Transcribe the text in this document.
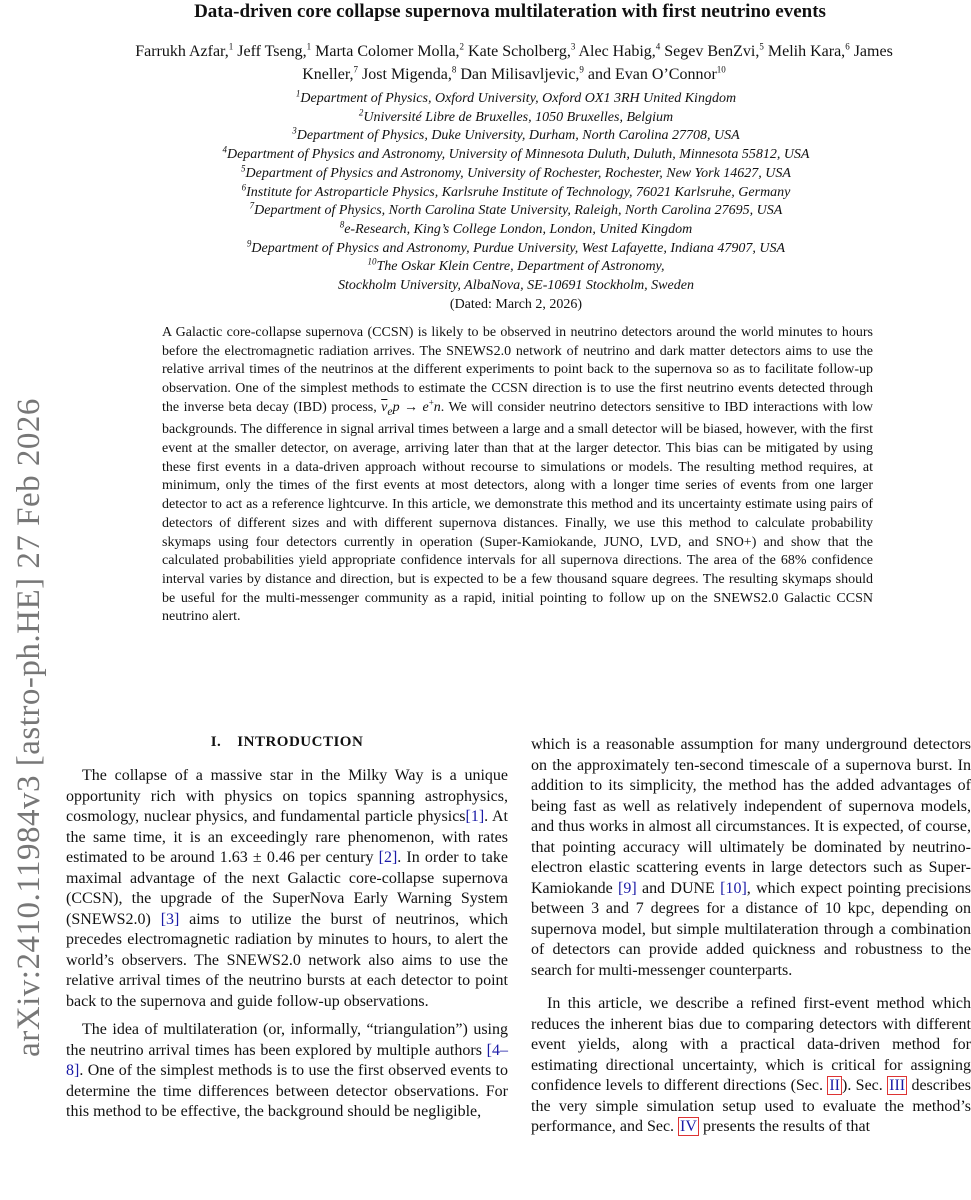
arXiv:2410.11984v3 [astro-ph.HE] 27 Feb 2026
Data-driven core collapse supernova multilateration with first neutrino events
Farrukh Azfar,$^1$ Jeff Tseng,$^1$ Marta Colomer Molla,$^2$ Kate Scholberg,$^3$ Alec Habig,$^4$ Segev BenZvi,$^5$ Melih Kara,$^6$ James Kneller,$^7$ Jost Migenda,$^8$ Dan Milisavljevic,$^9$ and Evan O’Connor$^{10}$
$^1$Department of Physics, Oxford University, Oxford OX1 3RH United Kingdom
$^2$Université Libre de Bruxelles, 1050 Bruxelles, Belgium
$^3$Department of Physics, Duke University, Durham, North Carolina 27708, USA
$^4$Department of Physics and Astronomy, University of Minnesota Duluth, Duluth, Minnesota 55812, USA
$^5$Department of Physics and Astronomy, University of Rochester, Rochester, New York 14627, USA
$^6$Institute for Astroparticle Physics, Karlsruhe Institute of Technology, 76021 Karlsruhe, Germany
$^7$Department of Physics, North Carolina State University, Raleigh, North Carolina 27695, USA
$^8$e-Research, King’s College London, London, United Kingdom
$^9$Department of Physics and Astronomy, Purdue University, West Lafayette, Indiana 47907, USA
$^{10}$The Oskar Klein Centre, Department of Astronomy,
Stockholm University, AlbaNova, SE-10691 Stockholm, Sweden
(Dated: March 2, 2026)

A Galactic core-collapse supernova (CCSN) is likely to be observed in neutrino detectors around the world minutes to hours before the electromagnetic radiation arrives. The SNEWS2.0 network of neutrino and dark matter detectors aims to use the relative arrival times of the neutrinos at the different experiments to point back to the supernova so as to facilitate follow-up observation. One of the simplest methods to estimate the CCSN direction is to use the first neutrino events detected through the inverse beta decay (IBD) process, $\overline{\nu}_ep \to e^+n$. We will consider neutrino detectors sensitive to IBD interactions with low backgrounds. The difference in signal arrival times between a large and a small detector will be biased, however, with the first event at the smaller detector, on average, arriving later than that at the larger detector. This bias can be mitigated by using these first events in a data-driven approach without recourse to simulations or models. The resulting method requires, at minimum, only the times of the first events at most detectors, along with a longer time series of events from one larger detector to act as a reference lightcurve. In this article, we demonstrate this method and its uncertainty estimate using pairs of detectors of different sizes and with different supernova distances. Finally, we use this method to calculate probability skymaps using four detectors currently in operation (Super-Kamiokande, JUNO, LVD, and SNO+) and show that the calculated probabilities yield appropriate confidence intervals for all supernova directions. The area of the 68% confidence interval varies by distance and direction, but is expected to be a few thousand square degrees. The resulting skymaps should be useful for the multi-messenger community as a rapid, initial pointing to follow up on the SNEWS2.0 Galactic CCSN neutrino alert.

I. INTRODUCTION

The collapse of a massive star in the Milky Way is a unique opportunity rich with physics on topics spanning astrophysics, cosmology, nuclear physics, and fundamental particle physics [ 1 ] . At the same time, it is an exceedingly rare phenomenon, with rates estimated to be around 1.63 ± 0.46 per century [ 2 ] . In order to take maximal advantage of the next Galactic core-collapse supernova (CCSN), the upgrade of the SuperNova Early Warning System (SNEWS2.0) [ 3 ] aims to utilize the burst of neutrinos, which precedes electromagnetic radiation by minutes to hours, to alert the world’s observers. The SNEWS2.0 network also aims to use the relative arrival times of the neutrino bursts at each detector to point back to the supernova and guide follow-up observations.

The idea of multilateration (or, informally, “triangulation”) using the neutrino arrival times has been explored by multiple authors [ 4–8 ] . One of the simplest methods is to use the first observed events to determine the time differences between detector observations. For this method to be effective, the background should be negligible,

which is a reasonable assumption for many underground detectors on the approximately ten-second timescale of a supernova burst. In addition to its simplicity, the method has the added advantages of being fast as well as relatively independent of supernova models, and thus works in almost all circumstances. It is expected, of course, that pointing accuracy will ultimately be dominated by neutrino-electron elastic scattering events in large detectors such as Super-Kamiokande [ 9 ] and DUNE [ 10 ] , which expect pointing precisions between 3 and 7 degrees for a distance of 10 kpc, depending on supernova model, but simple multilateration through a combination of detectors can provide added quickness and robustness to the search for multi-messenger counterparts.

In this article, we describe a refined first-event method which reduces the inherent bias due to comparing detectors with different event yields, along with a practical data-driven method for estimating directional uncertainty, which is critical for assigning confidence levels to different directions (Sec. II ). Sec. III describes the very simple simulation setup used to evaluate the method’s performance, and Sec. IV presents the results of that
